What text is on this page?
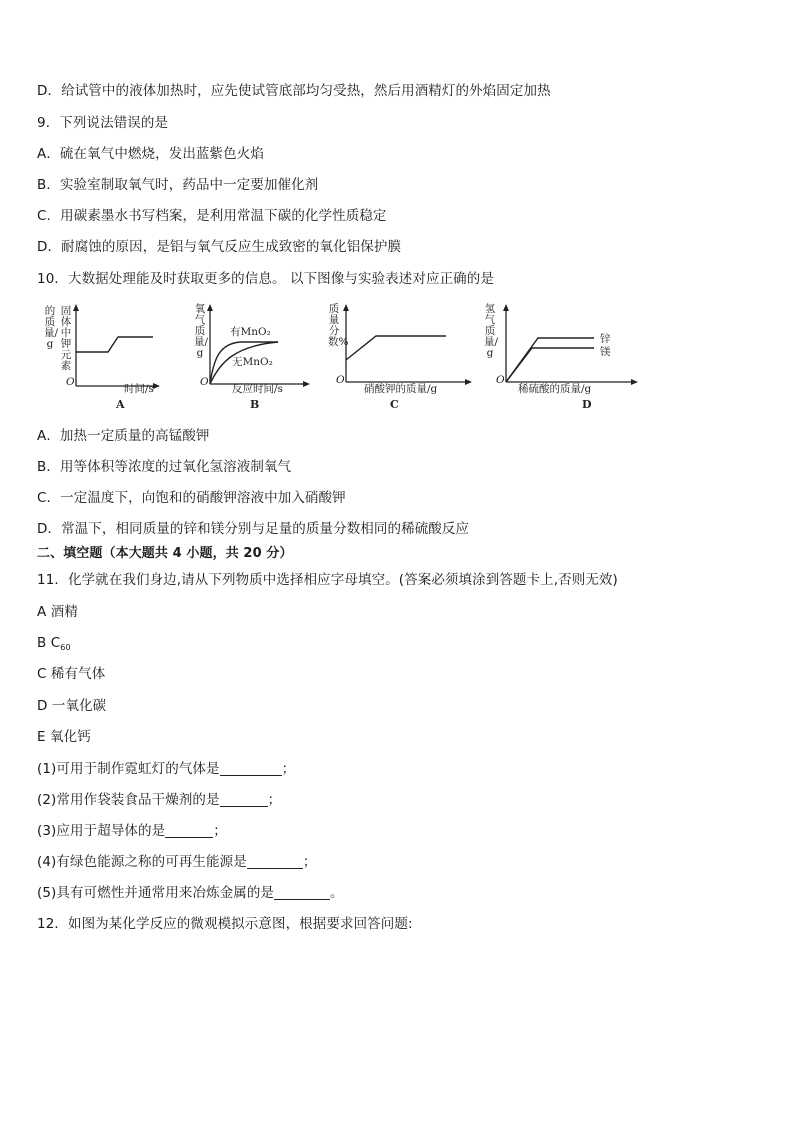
D．给试管中的液体加热时，应先使试管底部均匀受热，然后用酒精灯的外焰固定加热
9．下列说法错误的是
A．硫在氧气中燃烧，发出蓝紫色火焰
B．实验室制取氧气时，药品中一定要加催化剂
C．用碳素墨水书写档案，是利用常温下碳的化学性质稳定
D．耐腐蚀的原因，是铝与氧气反应生成致密的氧化铝保护膜
10．大数据处理能及时获取更多的信息。 以下图像与实验表述对应正确的是
的质量/g
固体中钾元素
O
时间/s
A
氧气质量/g
有MnO₂
无MnO₂
O
反应时间/s
B
质量分数%
O
硝酸钾的质量/g
C
氢气质量/g
锌
镁
O
稀硫酸的质量/g
D
A．加热一定质量的高锰酸钾
B．用等体积等浓度的过氧化氢溶液制氧气
C．一定温度下，向饱和的硝酸钾溶液中加入硝酸钾
D．常温下，相同质量的锌和镁分别与足量的质量分数相同的稀硫酸反应
二、填空题（本大题共 4 小题，共 20 分）
11．化学就在我们身边,请从下列物质中选择相应字母填空。(答案必须填涂到答题卡上,否则无效)
A 酒精
B $C_{60}$
C 稀有气体
D 一氧化碳
E 氧化钙
(1)可用于制作霓虹灯的气体是	；
(2)常用作袋装食品干燥剂的是	；
(3)应用于超导体的是	；
(4)有绿色能源之称的可再生能源是	；
(5)具有可燃性并通常用来冶炼金属的是	。
12．如图为某化学反应的微观模拟示意图，根据要求回答问题:
